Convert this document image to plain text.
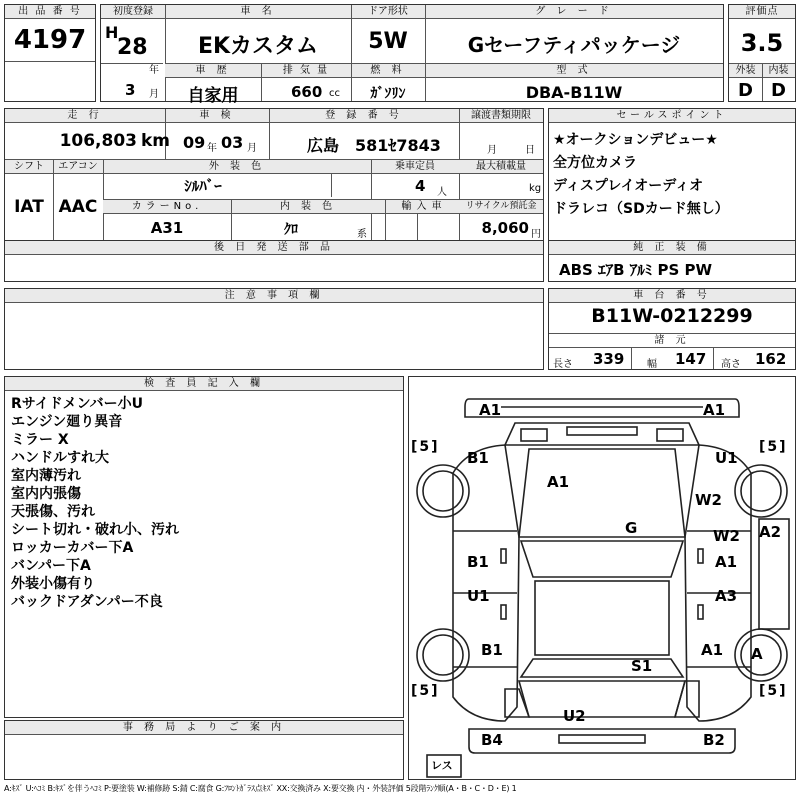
出 品 番 号
4197
初度登録	車 名	ドア形状	グ レ ー ド
H
28
年
3 月
EKカスタム	5W	Gセーフティパッケージ
車 歴	排 気 量	燃 料	型 式
自家用	660 cc	ｶﾞｿﾘﾝ	DBA-B11W
評価点
3.5
外装	内装
D	D
走 行	車 検	登 録 番 号	譲渡書類期限
106,803 km 09 年 03 月	広島 581ｾ7843	月	日
シフト	エアコン	外 装 色	乗車定員	最大積載量
IAT AAC
ｼﾙﾊﾞｰ	4 人	kg
カラーNo.	内 装 色	輸 入 車	リサイクル預託金
A31	ｸﾛ	系	8,060 円
セールスポイント
★オークションデビュー★
全方位カメラ
ディスプレイオーディオ
ドラレコ（SDカード無し）
後 日 発 送 部 品	純 正 装 備
ABS ｴｱB ｱﾙﾐ PS PW
注 意 事 項 欄	車 台 番 号
B11W-0212299
諸 元
長さ 339 幅 147 高さ 162
検 査 員 記 入 欄
Rサイドメンバー小U
エンジン廻り異音
ミラー X
ハンドルすれ大
室内薄汚れ
室内内張傷
天張傷、汚れ
シート切れ・破れ小、汚れ
ロッカーカバー下A
バンパー下A
外装小傷有り
バックドアダンパー不良
事 務 局 よ り ご 案 内
A1	A1
B1	U1
A1
W2
W2 A2
G
B1	A1
U1	A3
B1	A1 A
S1
U2
B4	B2
[5]	[5]
[5]	[5]
レス
A:ｷｽﾞ U:ﾍｺﾐ B:ｷｽﾞを伴うﾍｺﾐ P:要塗装 W:補修跡 S:錆 C:腐食 G:ﾌﾛﾝﾄｶﾞﾗｽ点ｷｽﾞ XX:交換済み X:要交換 内・外装評価 5段階ﾗﾝｸ順(A・B・C・D・E) 1
